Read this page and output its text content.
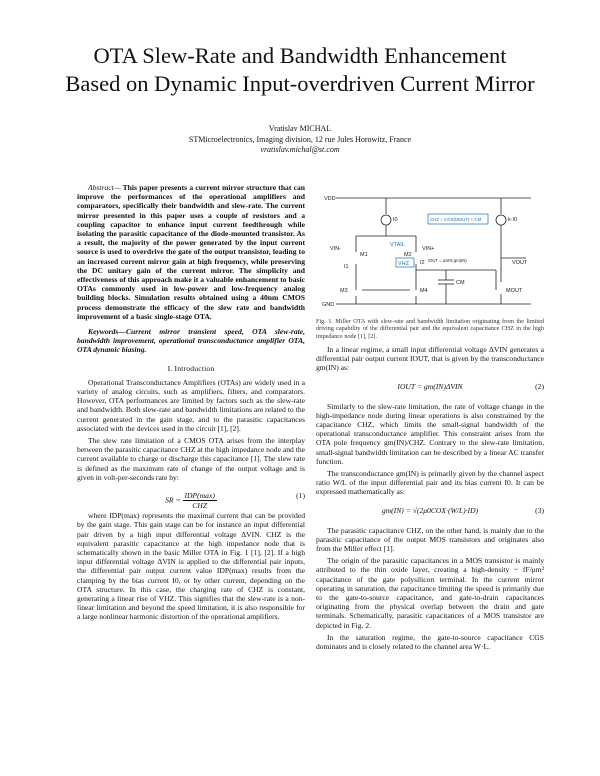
OTA Slew-Rate and Bandwidth Enhancement
Based on Dynamic Input-overdriven Current Mirror
Vratislav MICHAL
STMicroelectronics, Imaging division, 12 rue Jules Horowitz, France
vratislav.michal@st.com

Abstract— This paper presents a current mirror structure that can improve the performances of the operational amplifiers and comparators, specifically their bandwidth and slew-rate. The current mirror presented in this paper uses a couple of resistors and a coupling capacitor to enhance input current feedthrough while isolating the parasitic capacitance of the diode-mounted transistor. As a result, the majority of the power generated by the input current source is used to overdrive the gate of the output transistor, leading to an increased current mirror gain at high frequency, while preserving the DC unitary gain of the current mirror. The simplicity and effectiveness of this approach make it a valuable enhancement to basic OTAs commonly used in low-power and low-frequency analog building blocks. Simulation results obtained using a 40nm CMOS process demonstrate the efficacy of the slew rate and bandwidth improvement of a basic single-stage OTA.

Keywords—Current mirror transient speed, OTA slew-rate, bandwidth improvement, operational transconductance amplifier OTA, OTA dynamic biasing.

I. Introduction

Operational Transconductance Amplifiers (OTAs) are widely used in a variety of analog circuits, such as amplifiers, filters, and comparators. However, OTA performances are limited by factors such as the slew-rate and bandwidth. Both slew-rate and bandwidth limitations are related to the current generated in the gain stage, and to the parasitic capacitances associated with the devices used in the circuit [1], [2].

The slew rate limitation of a CMOS OTA arises from the interplay between the parasitic capacitance CHZ at the high impedance node and the current available to charge or discharge this capacitance [1]. The slew rate is defined as the maximum rate of change of the output voltage and is given in volt-per-seconds rate by:

SR = $\frac{\text{IDP(max)}}{\text{CHZ}}$	(1)

where IDP(max) represents the maximal current that can be provided by the gain stage. This gain stage can be for instance an input differential pair driven by a high input differential voltage ΔVIN. CHZ is the equivalent parasitic capacitance at the high impedance node that is schematically shown in the basic Miller OTA in Fig. 1 [1], [2]. If a high input differential voltage ΔVIN is applied to the differential pair inputs, the differential pair output current value IDP(max) results from the clamping by the bias current I0, or by other current, depending on the OTA structure. In this case, the charging rate of CHZ is constant, generating a linear rise of VHZ. This signifies that the slew-rate is a non-linear limitation and beyond the speed limitation, it is also responsible for a large nonlinear harmonic distortion of the operational amplifiers.

VDD
GND
I0	k·I0
CHZ = CGS(MOUT) + CM
VTAIL
VIN-	VIN+
M1	M2
M3	M4
I1
I2
VHZ
IOUT = ΔVIN·gm(IN)
CM
VOUT
MOUT
Fig. 1. Miller OTA with slew-rate and bandwidth limitation originating from the limited driving capability of the differential pair and the equivalent capacitance CHZ in the high impedance node [1], [2].

In a linear regime, a small input differential voltage ΔVIN generates a differential pair output current IOUT, that is given by the transconductance gm(IN) as:

IOUT = gm(IN)ΔVIN	(2)

Similarly to the slew-rate limitation, the rate of voltage change in the high-impedance node during linear operations is also constrained by the capacitance CHZ, which limits the small-signal bandwidth of the operational transconductance amplifier. This constraint arises from the OTA pole frequency gm(IN)/CHZ. Contrary to the slew-rate limitation, small-signal bandwidth limitation can be described by a linear AC transfer function.

The transconductance gm(IN) is primarily given by the channel aspect ratio W/L of the input differential pair and its bias current I0. It can be expressed mathematically as:

gm(IN) = √(2μ0COX·(W/L)·ID)	(3)

The parasitic capacitance CHZ, on the other hand, is mainly due to the parasitic capacitance of the output MOS transistors and originates also from the Miller effect [1].

The origin of the parasitic capacitances in a MOS transistor is mainly attributed to the thin oxide layer, creating a high-density ~ fF/μm² capacitance of the gate polysilicon terminal. In the current mirror operating in saturation, the capacitance limiting the speed is primarily due to the gate-to-source capacitance, and gate-to-drain capacitances originating from the physical overlap between the drain and gate terminals. Schematically, parasitic capacitances of a MOS transistor are depicted in Fig. 2.

In the saturation regime, the gate-to-source capacitance CGS dominates and is closely related to the channel area W·L.
